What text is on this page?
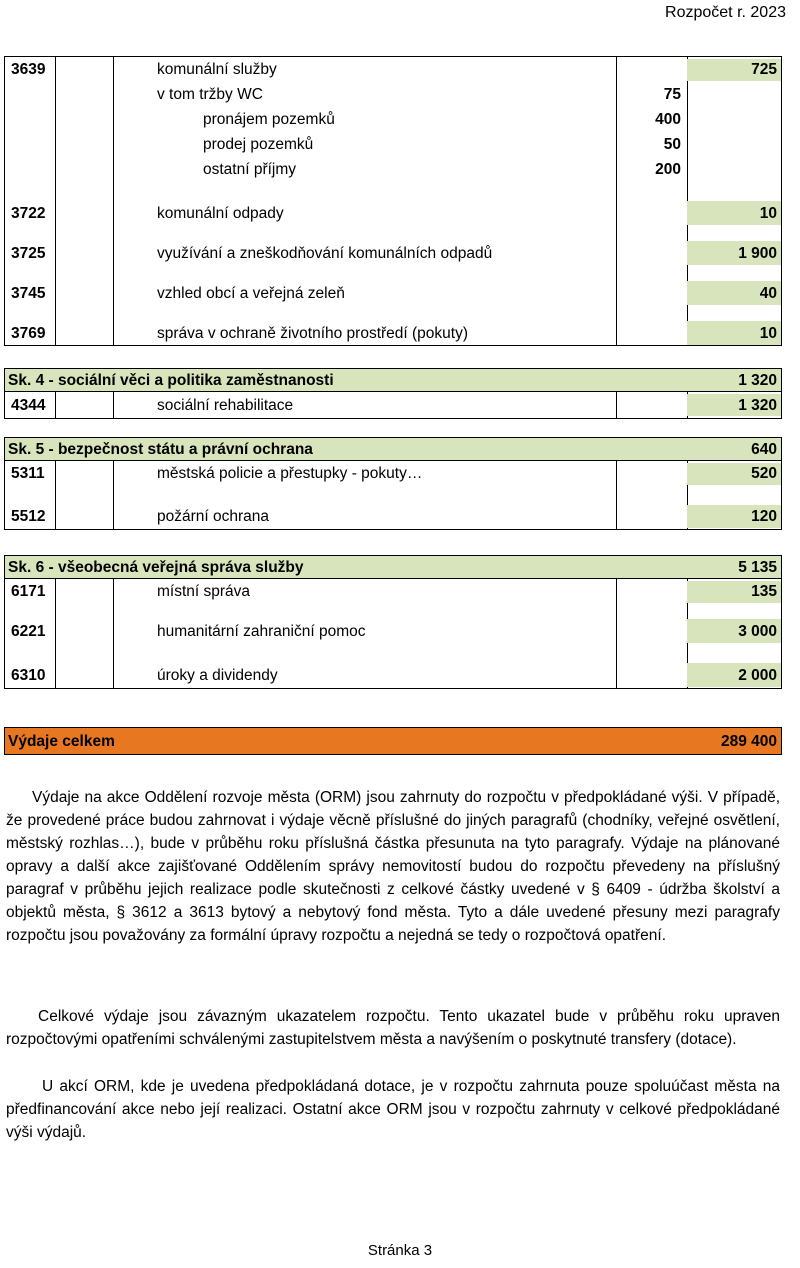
Rozpočet r. 2023
3639	komunální služby	725
v tom tržby WC	75
pronájem pozemků	400
prodej pozemků	50
ostatní příjmy	200
3722	komunální odpady	10
3725	využívání a zneškodňování komunálních odpadů	1 900
3745	vzhled obcí a veřejná zeleň	40
3769	správa v ochraně životního prostředí (pokuty)	10
Sk. 4 - sociální věci a politika zaměstnanosti	1 320
4344	sociální rehabilitace	1 320
Sk. 5 - bezpečnost státu a právní ochrana	640
5311	městská policie a přestupky - pokuty…	520
5512	požární ochrana	120
Sk. 6 - všeobecná veřejná správa služby	5 135
6171	místní správa	135
6221	humanitární zahraniční pomoc	3 000
6310	úroky a dividendy	2 000
Výdaje celkem	289 400
Výdaje na akce Oddělení rozvoje města (ORM) jsou zahrnuty do rozpočtu v předpokládané výši. V případě, že provedené práce budou zahrnovat i výdaje věcně příslušné do jiných paragrafů (chodníky, veřejné osvětlení, městský rozhlas…), bude v průběhu roku příslušná částka přesunuta na tyto paragrafy. Výdaje na plánované opravy a další akce zajišťované Oddělením správy nemovitostí budou do rozpočtu převedeny na příslušný paragraf v průběhu jejich realizace podle skutečnosti z celkové částky uvedené v § 6409 - údržba školství a objektů města, § 3612 a 3613 bytový a nebytový fond města. Tyto a dále uvedené přesuny mezi paragrafy rozpočtu jsou považovány za formální úpravy rozpočtu a nejedná se tedy o rozpočtová opatření.
Celkové výdaje jsou závazným ukazatelem rozpočtu. Tento ukazatel bude v průběhu roku upraven rozpočtovými opatřeními schválenými zastupitelstvem města a navýšením o poskytnuté transfery (dotace).
U akcí ORM, kde je uvedena předpokládaná dotace, je v rozpočtu zahrnuta pouze spoluúčast města na předfinancování akce nebo její realizaci. Ostatní akce ORM jsou v rozpočtu zahrnuty v celkové předpokládané výši výdajů.
Stránka 3
